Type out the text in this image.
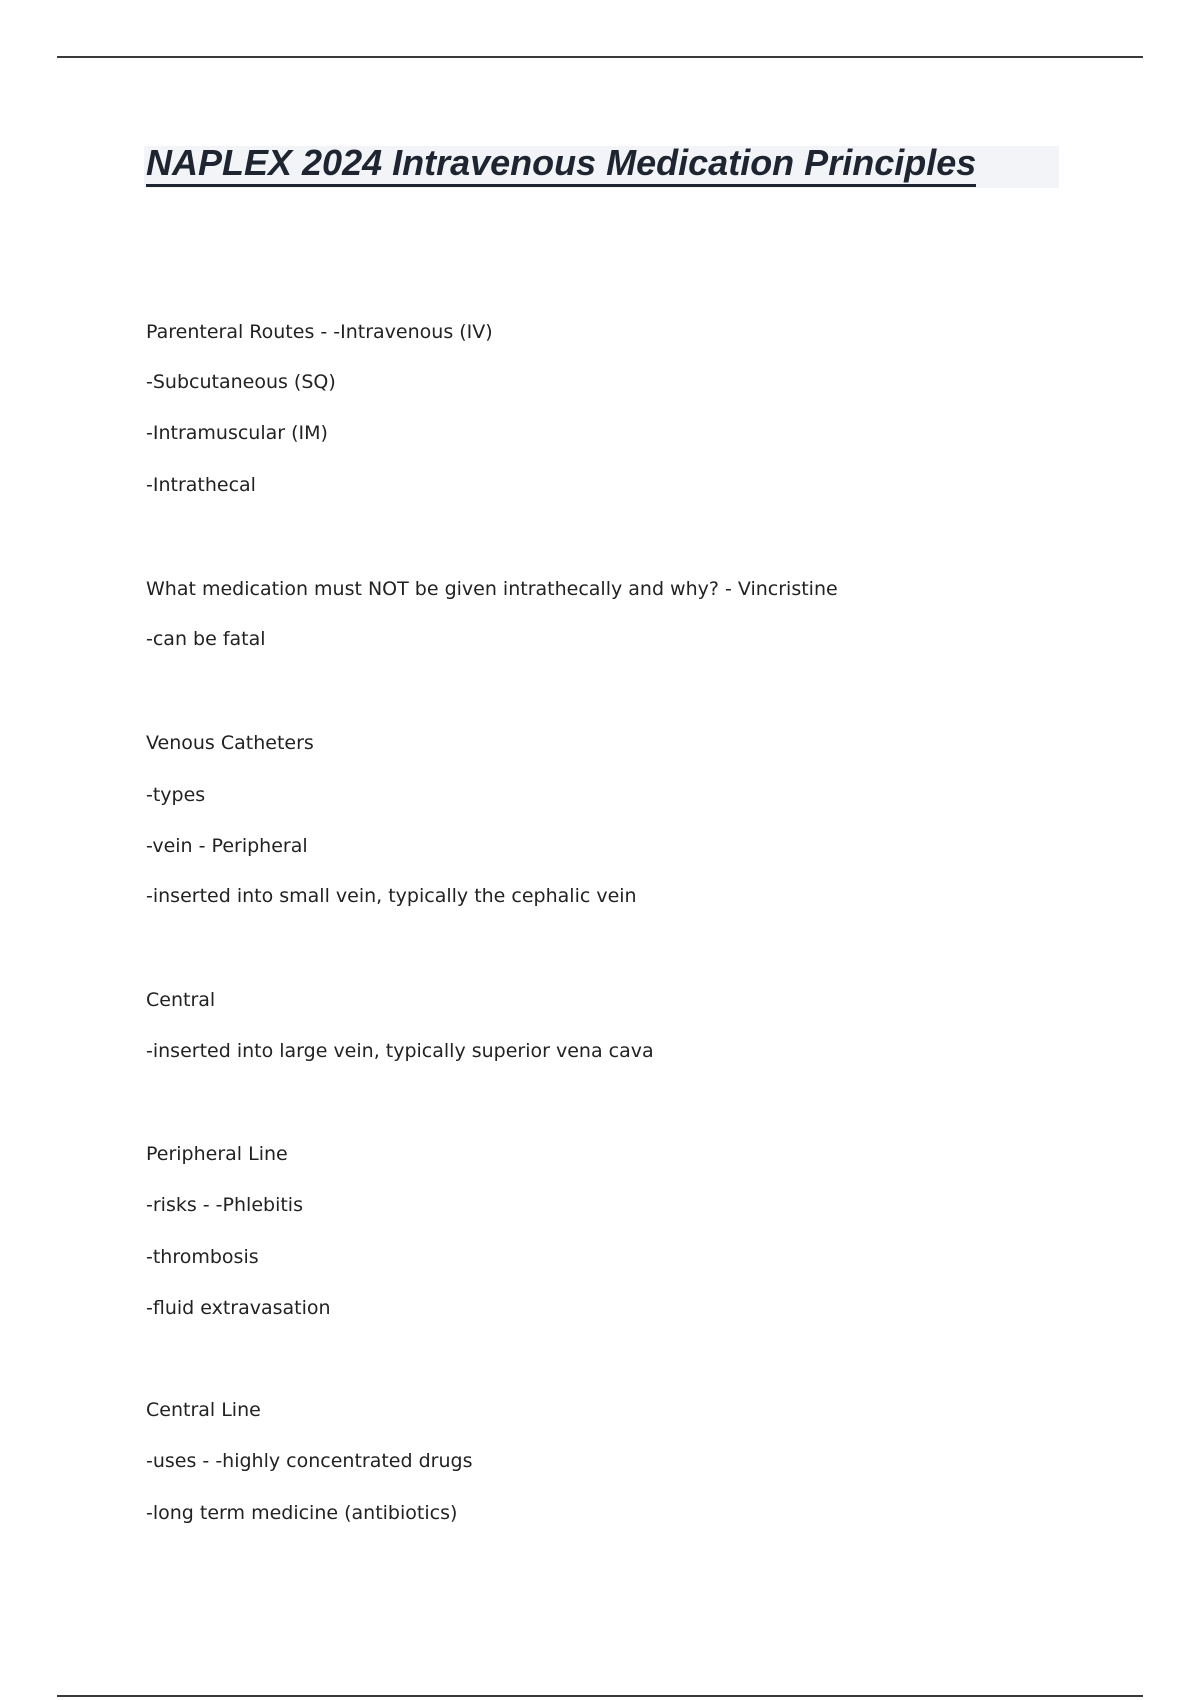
NAPLEX 2024 Intravenous Medication Principles
Parenteral Routes - -Intravenous (IV)
-Subcutaneous (SQ)
-Intramuscular (IM)
-Intrathecal
What medication must NOT be given intrathecally and why? - Vincristine
-can be fatal
Venous Catheters
-types
-vein - Peripheral
-inserted into small vein, typically the cephalic vein
Central
-inserted into large vein, typically superior vena cava
Peripheral Line
-risks - -Phlebitis
-thrombosis
-fluid extravasation
Central Line
-uses - -highly concentrated drugs
-long term medicine (antibiotics)
